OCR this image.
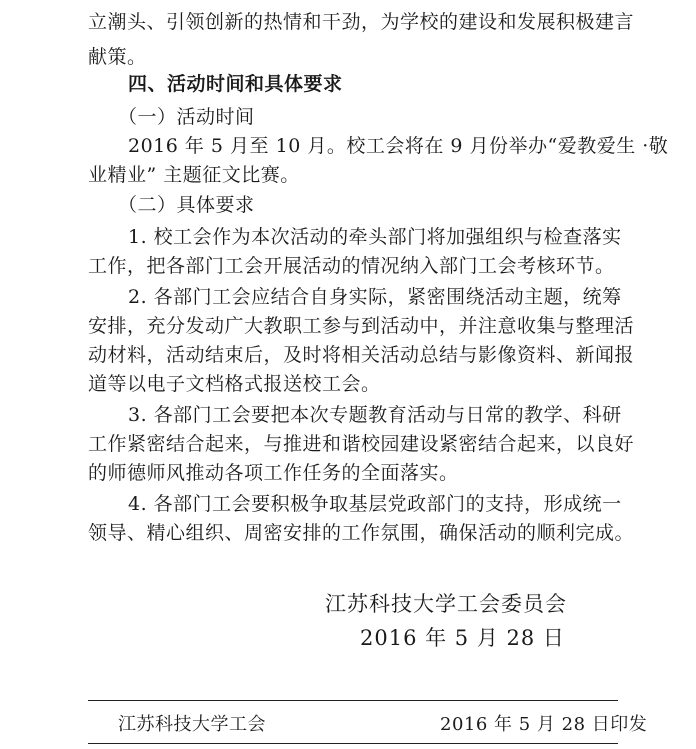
立潮头、引领创新的热情和干劲，为学校的建设和发展积极建言
献策。
四、活动时间和具体要求
（一）活动时间
2016 年 5 月至 10 月。校工会将在 9 月份举办“爱教爱生 ·敬
业精业” 主题征文比赛。
（二）具体要求
1. 校工会作为本次活动的牵头部门将加强组织与检查落实
工作，把各部门工会开展活动的情况纳入部门工会考核环节。
2. 各部门工会应结合自身实际，紧密围绕活动主题，统筹
安排，充分发动广大教职工参与到活动中，并注意收集与整理活
动材料，活动结束后，及时将相关活动总结与影像资料、新闻报
道等以电子文档格式报送校工会。
3. 各部门工会要把本次专题教育活动与日常的教学、科研
工作紧密结合起来，与推进和谐校园建设紧密结合起来，以良好
的师德师风推动各项工作任务的全面落实。
4. 各部门工会要积极争取基层党政部门的支持，形成统一
领导、精心组织、周密安排的工作氛围，确保活动的顺利完成。
江苏科技大学工会委员会
2016 年 5 月 28 日
江苏科技大学工会	2016 年 5 月 28 日印发
